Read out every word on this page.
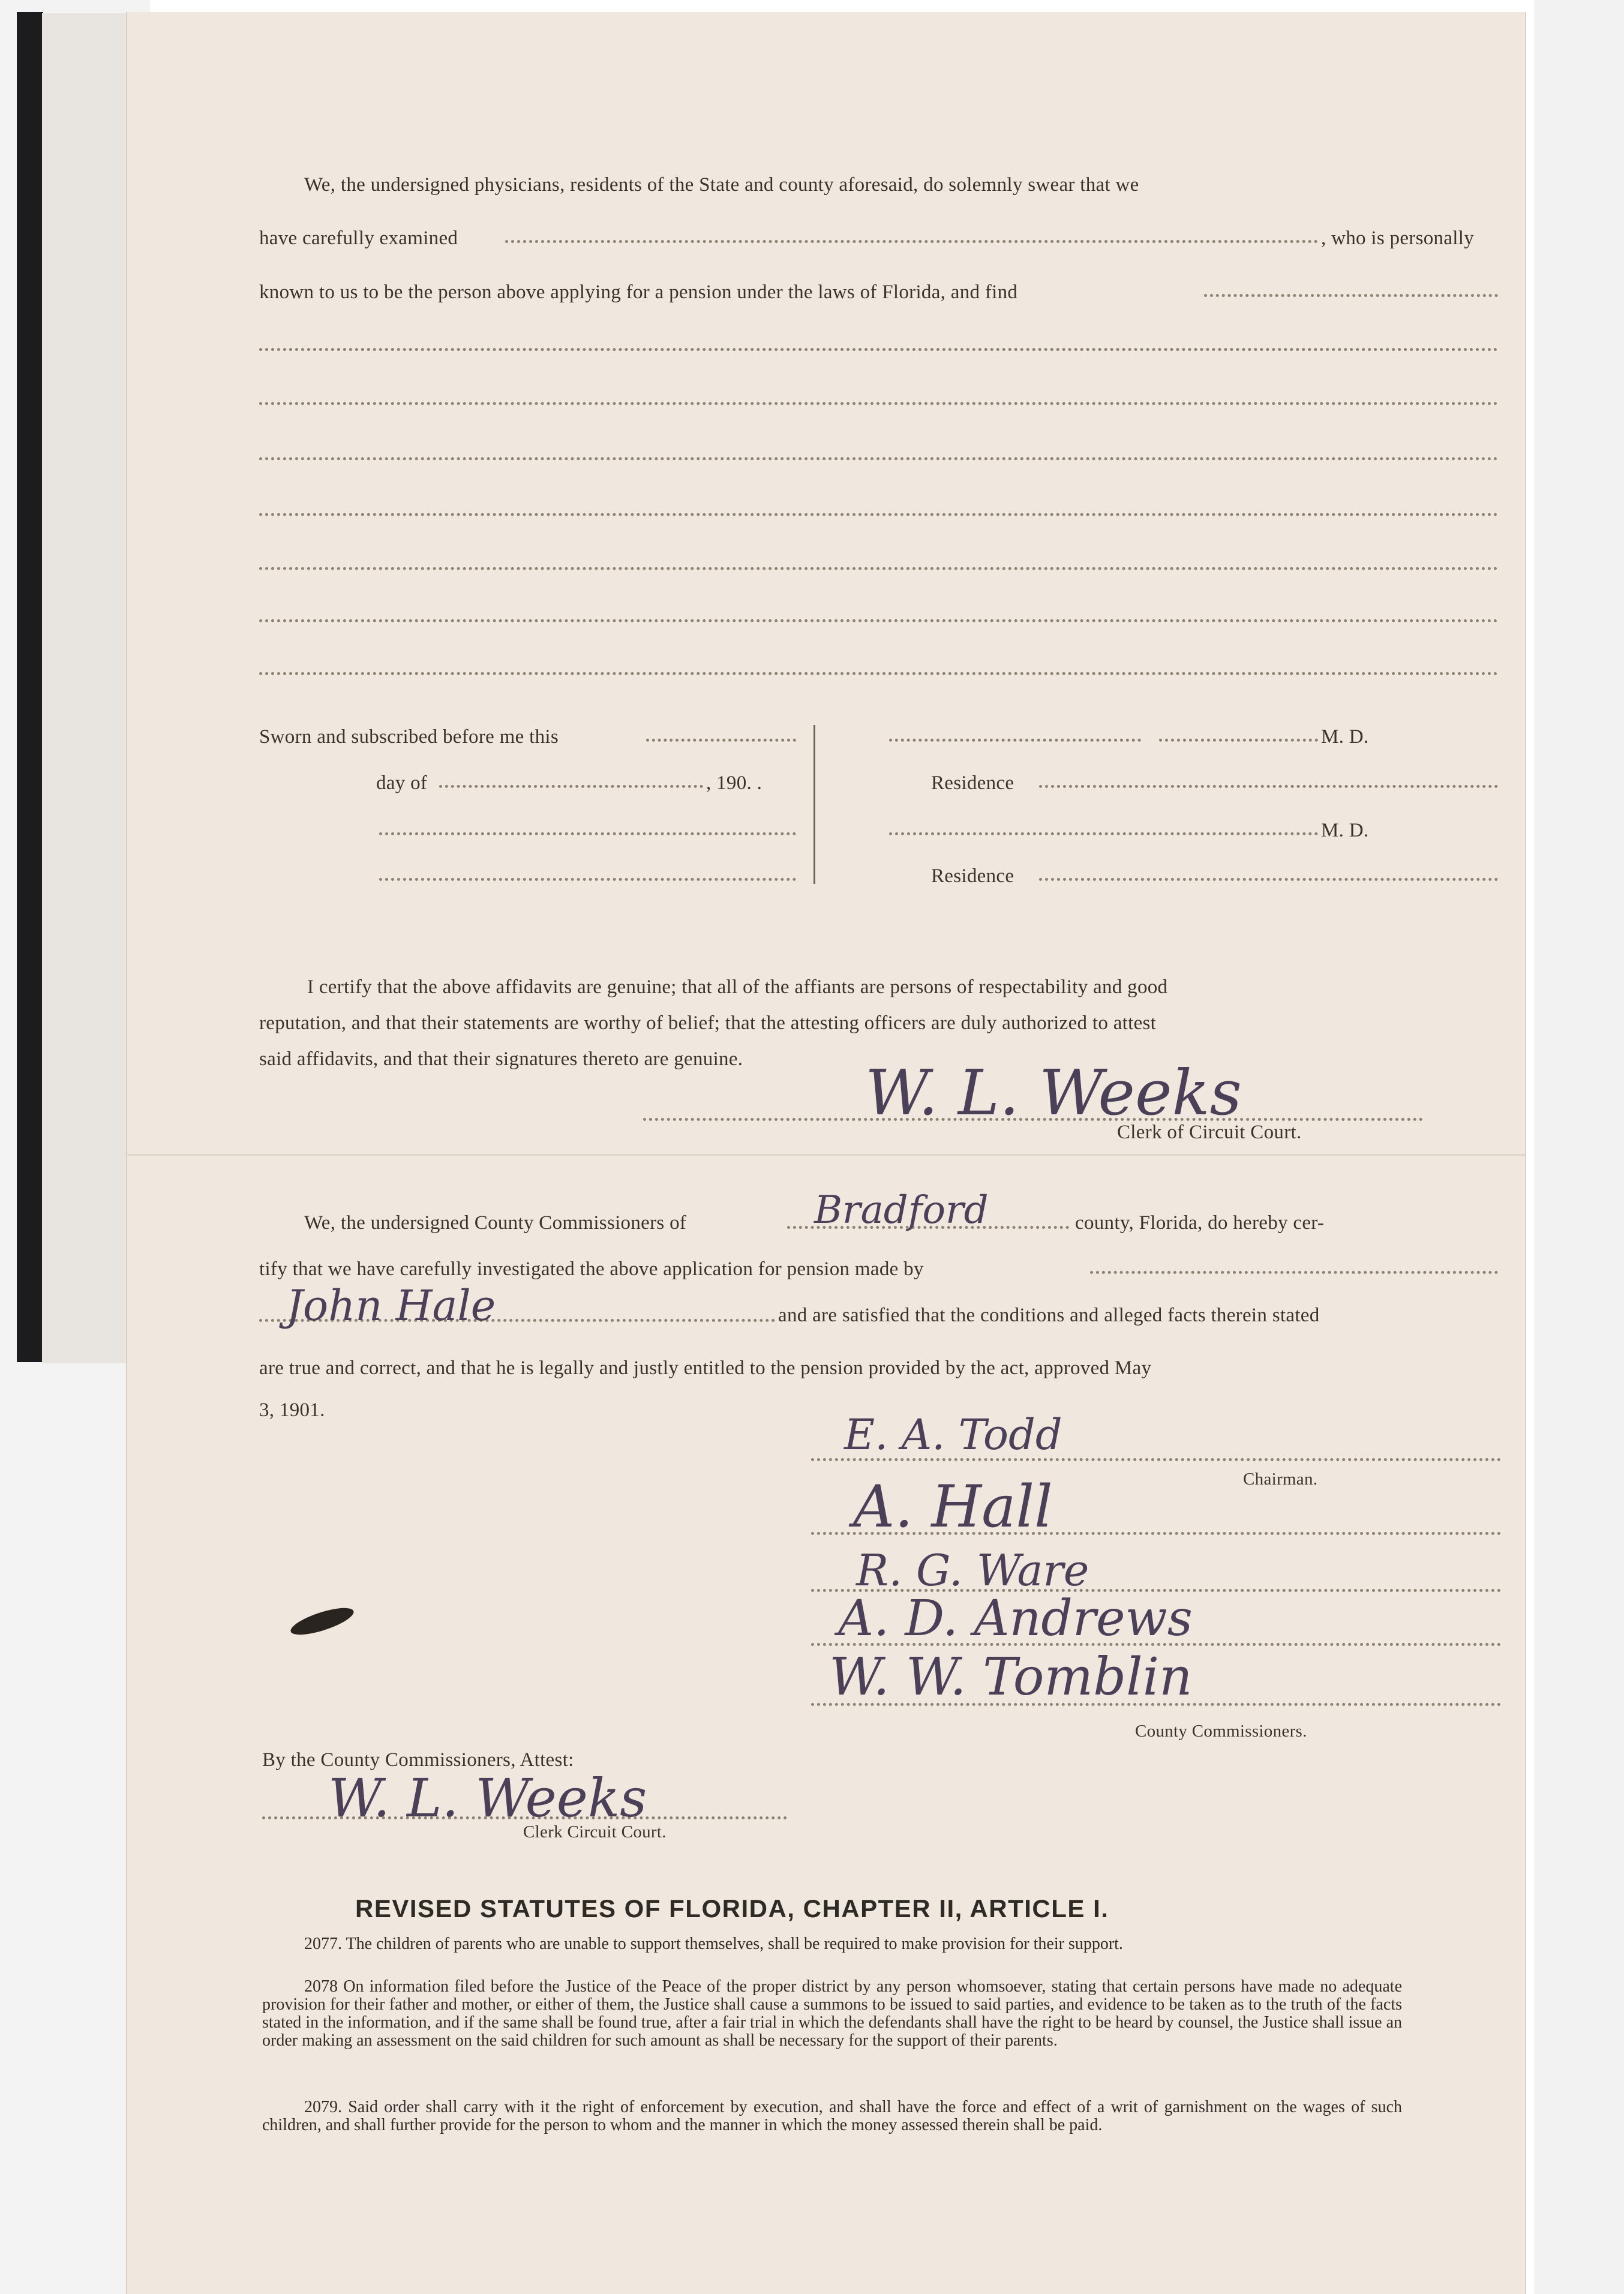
We, the undersigned physicians, residents of the State and county aforesaid, do solemnly swear that we
have carefully examined	, who is personally
known to us to be the person above applying for a pension under the laws of Florida, and find
Sworn and subscribed before me this
day of	, 190. .
M. D.
Residence
M. D.
Residence
I certify that the above affidavits are genuine; that all of the affiants are persons of respectability and good
reputation, and that their statements are worthy of belief; that the attesting officers are duly authorized to attest
said affidavits, and that their signatures thereto are genuine. W. L. Weeks
Clerk of Circuit Court.
We, the undersigned County Commissioners of	Bradford	county, Florida, do hereby cer-
tify that we have carefully investigated the above application for pension made by
John Hale	and are satisfied that the conditions and alleged facts therein stated
are true and correct, and that he is legally and justly entitled to the pension provided by the act, approved May
3, 1901.	E. A. Todd
Chairman.
A. Hall
R. G. Ware
A. D. Andrews
W. W. Tomblin
County Commissioners.
By the County Commissioners, Attest:
W. L. Weeks
Clerk Circuit Court.
REVISED STATUTES OF FLORIDA, CHAPTER II, ARTICLE I.
2077. The children of parents who are unable to support themselves, shall be required to make provision for their support.
2078 On information filed before the Justice of the Peace of the proper district by any person whomsoever, stating that certain persons have made no adequate provision for their father and mother, or either of them, the Justice shall cause a summons to be issued to said parties, and evidence to be taken as to the truth of the facts stated in the information, and if the same shall be found true, after a fair trial in which the defendants shall have the right to be heard by counsel, the Justice shall issue an order making an assessment on the said children for such amount as shall be necessary for the support of their parents.
2079. Said order shall carry with it the right of enforcement by execution, and shall have the force and effect of a writ of garnishment on the wages of such children, and shall further provide for the person to whom and the manner in which the money assessed therein shall be paid.
